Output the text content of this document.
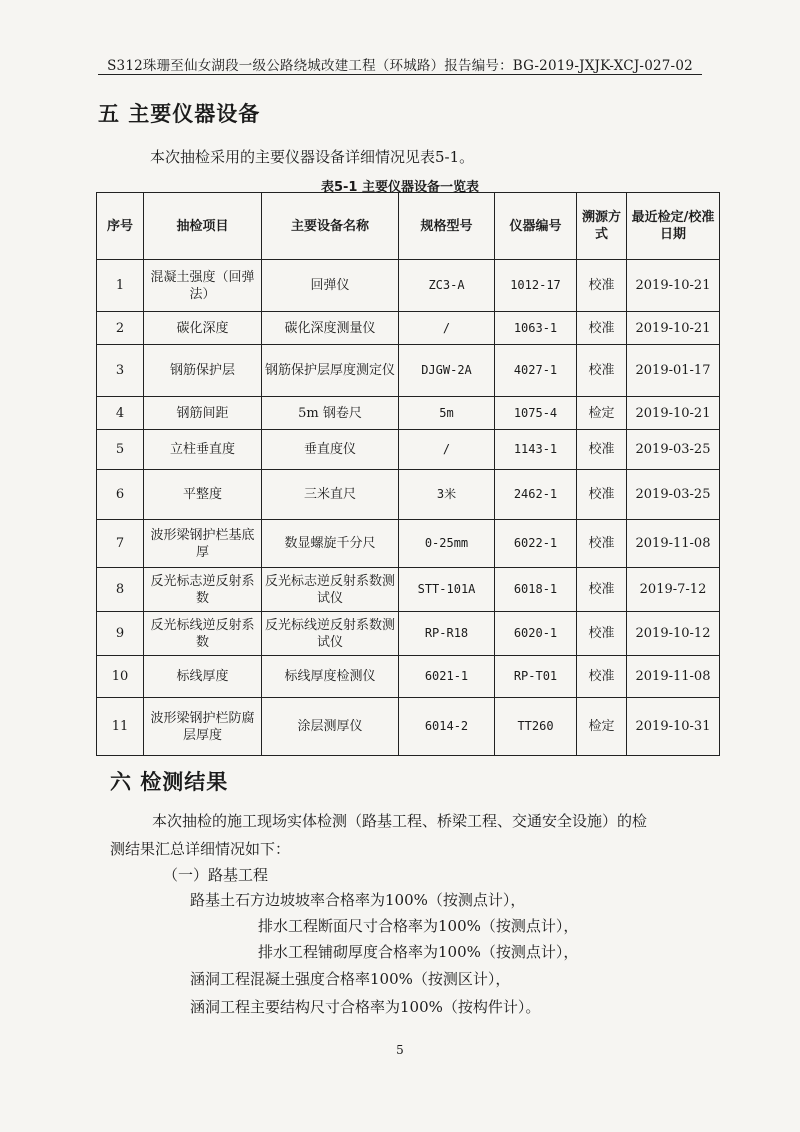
S312珠珊至仙女湖段一级公路绕城改建工程（环城路）报告编号：BG-2019-JXJK-XCJ-027-02
五 主要仪器设备
本次抽检采用的主要仪器设备详细情况见表5-1。
表5-1 主要仪器设备一览表
序号	抽检项目	主要设备名称	规格型号	仪器编号	溯源方式	最近检定/校准日期
1	混凝土强度（回弹法）	回弹仪	ZC3-A	1012-17	校准	2019-10-21
2	碳化深度	碳化深度测量仪	/	1063-1	校准	2019-10-21
3	钢筋保护层	钢筋保护层厚度测定仪	DJGW-2A	4027-1	校准	2019-01-17
4	钢筋间距	5m 钢卷尺	5m	1075-4	检定	2019-10-21
5	立柱垂直度	垂直度仪	/	1143-1	校准	2019-03-25
6	平整度	三米直尺	3米	2462-1	校准	2019-03-25
7	波形梁钢护栏基底厚	数显螺旋千分尺	0-25mm	6022-1	校准	2019-11-08
8	反光标志逆反射系数	反光标志逆反射系数测试仪	STT-101A	6018-1	校准	2019-7-12
9	反光标线逆反射系数	反光标线逆反射系数测试仪	RP-R18	6020-1	校准	2019-10-12
10	标线厚度	标线厚度检测仪	6021-1	RP-T01	校准	2019-11-08
11	波形梁钢护栏防腐层厚度	涂层测厚仪	6014-2	TT260	检定	2019-10-31
六 检测结果
本次抽检的施工现场实体检测（路基工程、桥梁工程、交通安全设施）的检
测结果汇总详细情况如下：
（一）路基工程
路基土石方边坡坡率合格率为100%（按测点计），
排水工程断面尺寸合格率为100%（按测点计），
排水工程铺砌厚度合格率为100%（按测点计），
涵洞工程混凝土强度合格率100%（按测区计），
涵洞工程主要结构尺寸合格率为100%（按构件计）。
5
